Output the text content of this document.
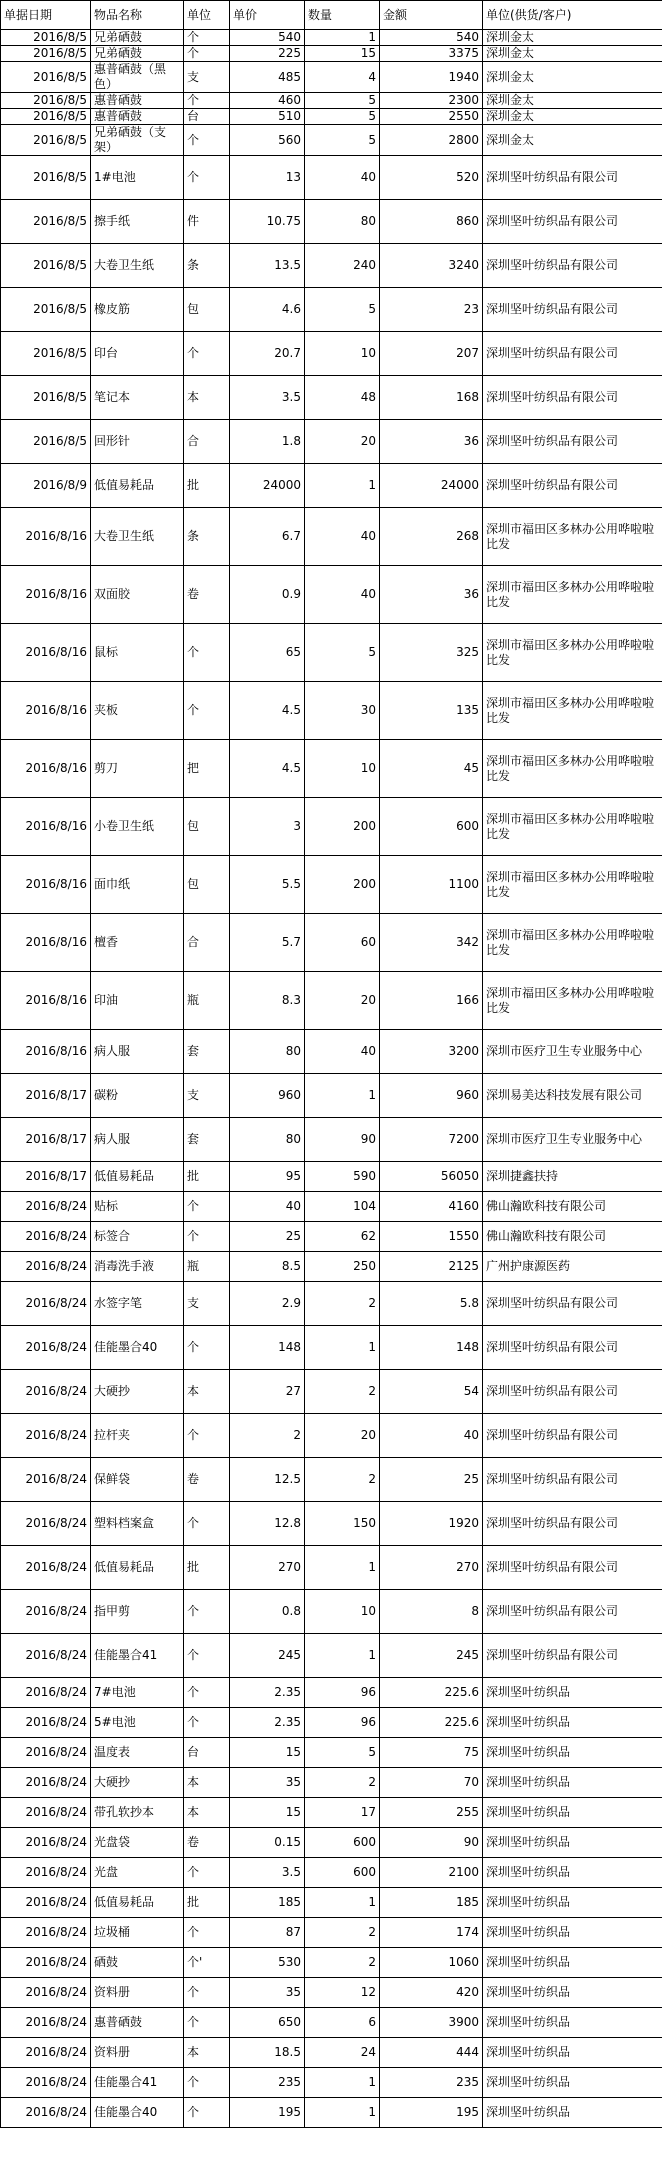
单据日期	物品名称	单位	单价	数量	金额	单位(供货/客户)
2016/8/5	兄弟硒鼓	个	540	1	540	深圳金太
2016/8/5	兄弟硒鼓	个	225	15	3375	深圳金太
2016/8/5	惠普硒鼓（黑色）	支	485	4	1940	深圳金太
2016/8/5	惠普硒鼓	个	460	5	2300	深圳金太
2016/8/5	惠普硒鼓	台	510	5	2550	深圳金太
2016/8/5	兄弟硒鼓（支架）	个	560	5	2800	深圳金太
2016/8/5	1#电池	个	13	40	520	深圳坚叶纺织品有限公司
2016/8/5	擦手纸	件	10.75	80	860	深圳坚叶纺织品有限公司
2016/8/5	大卷卫生纸	条	13.5	240	3240	深圳坚叶纺织品有限公司
2016/8/5	橡皮筋	包	4.6	5	23	深圳坚叶纺织品有限公司
2016/8/5	印台	个	20.7	10	207	深圳坚叶纺织品有限公司
2016/8/5	笔记本	本	3.5	48	168	深圳坚叶纺织品有限公司
2016/8/5	回形针	合	1.8	20	36	深圳坚叶纺织品有限公司
2016/8/9	低值易耗品	批	24000	1	24000	深圳坚叶纺织品有限公司
2016/8/16	大卷卫生纸	条	6.7	40	268	深圳市福田区多林办公用哗啦啦比发
2016/8/16	双面胶	卷	0.9	40	36	深圳市福田区多林办公用哗啦啦比发
2016/8/16	鼠标	个	65	5	325	深圳市福田区多林办公用哗啦啦比发
2016/8/16	夹板	个	4.5	30	135	深圳市福田区多林办公用哗啦啦比发
2016/8/16	剪刀	把	4.5	10	45	深圳市福田区多林办公用哗啦啦比发
2016/8/16	小卷卫生纸	包	3	200	600	深圳市福田区多林办公用哗啦啦比发
2016/8/16	面巾纸	包	5.5	200	1100	深圳市福田区多林办公用哗啦啦比发
2016/8/16	檀香	合	5.7	60	342	深圳市福田区多林办公用哗啦啦比发
2016/8/16	印油	瓶	8.3	20	166	深圳市福田区多林办公用哗啦啦比发
2016/8/16	病人服	套	80	40	3200	深圳市医疗卫生专业服务中心
2016/8/17	碳粉	支	960	1	960	深圳易美达科技发展有限公司
2016/8/17	病人服	套	80	90	7200	深圳市医疗卫生专业服务中心
2016/8/17	低值易耗品	批	95	590	56050	深圳捷鑫扶持
2016/8/24	贴标	个	40	104	4160	佛山瀚欧科技有限公司
2016/8/24	标签合	个	25	62	1550	佛山瀚欧科技有限公司
2016/8/24	消毒洗手液	瓶	8.5	250	2125	广州护康源医药
2016/8/24	水签字笔	支	2.9	2	5.8	深圳坚叶纺织品有限公司
2016/8/24	佳能墨合40	个	148	1	148	深圳坚叶纺织品有限公司
2016/8/24	大硬抄	本	27	2	54	深圳坚叶纺织品有限公司
2016/8/24	拉杆夹	个	2	20	40	深圳坚叶纺织品有限公司
2016/8/24	保鲜袋	卷	12.5	2	25	深圳坚叶纺织品有限公司
2016/8/24	塑料档案盒	个	12.8	150	1920	深圳坚叶纺织品有限公司
2016/8/24	低值易耗品	批	270	1	270	深圳坚叶纺织品有限公司
2016/8/24	指甲剪	个	0.8	10	8	深圳坚叶纺织品有限公司
2016/8/24	佳能墨合41	个	245	1	245	深圳坚叶纺织品有限公司
2016/8/24	7#电池	个	2.35	96	225.6	深圳坚叶纺织品
2016/8/24	5#电池	个	2.35	96	225.6	深圳坚叶纺织品
2016/8/24	温度表	台	15	5	75	深圳坚叶纺织品
2016/8/24	大硬抄	本	35	2	70	深圳坚叶纺织品
2016/8/24	带孔软抄本	本	15	17	255	深圳坚叶纺织品
2016/8/24	光盘袋	卷	0.15	600	90	深圳坚叶纺织品
2016/8/24	光盘	个	3.5	600	2100	深圳坚叶纺织品
2016/8/24	低值易耗品	批	185	1	185	深圳坚叶纺织品
2016/8/24	垃圾桶	个	87	2	174	深圳坚叶纺织品
2016/8/24	硒鼓	个'	530	2	1060	深圳坚叶纺织品
2016/8/24	资料册	个	35	12	420	深圳坚叶纺织品
2016/8/24	惠普硒鼓	个	650	6	3900	深圳坚叶纺织品
2016/8/24	资料册	本	18.5	24	444	深圳坚叶纺织品
2016/8/24	佳能墨合41	个	235	1	235	深圳坚叶纺织品
2016/8/24	佳能墨合40	个	195	1	195	深圳坚叶纺织品
